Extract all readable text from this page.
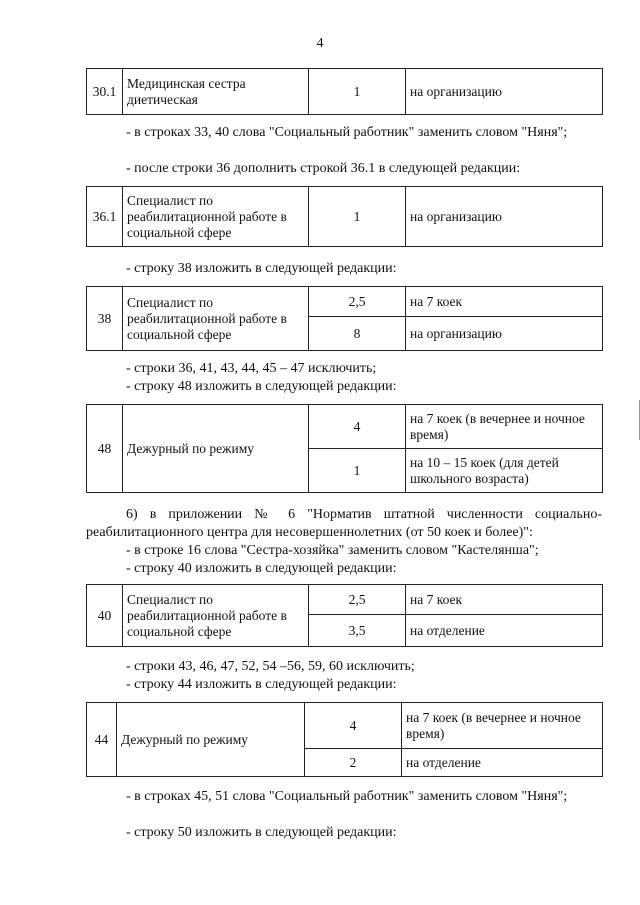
4
30.1	Медицинская сестра диетическая	1	на организацию

- в строках 33, 40 слова "Социальный работник" заменить словом "Няня";

- после строки 36 дополнить строкой 36.1 в следующей редакции:

36.1	Специалист по реабилитационной работе в социальной сфере	1	на организацию

- строку 38 изложить в следующей редакции:

38	Специалист по реабилитационной работе в социальной сфере	2,5	на 7 коек
		8	на организацию

- строки 36, 41, 43, 44, 45 – 47 исключить;

- строку 48 изложить в следующей редакции:

48	Дежурный по режиму	4	на 7 коек (в вечернее и ночное время)
		1	на 10 – 15 коек (для детей школьного возраста)

6) в приложении № 6 "Норматив штатной численности социально-реабилитационного центра для несовершеннолетних (от 50 коек и более)":

- в строке 16 слова "Сестра-хозяйка" заменить словом "Кастелянша";

- строку 40 изложить в следующей редакции:

40	Специалист по реабилитационной работе в социальной сфере	2,5	на 7 коек
		3,5	на отделение

- строки 43, 46, 47, 52, 54 –56, 59, 60 исключить;

- строку 44 изложить в следующей редакции:

44	Дежурный по режиму	4	на 7 коек (в вечернее и ночное время)
		2	на отделение

- в строках 45, 51 слова "Социальный работник" заменить словом "Няня";

- строку 50 изложить в следующей редакции:
